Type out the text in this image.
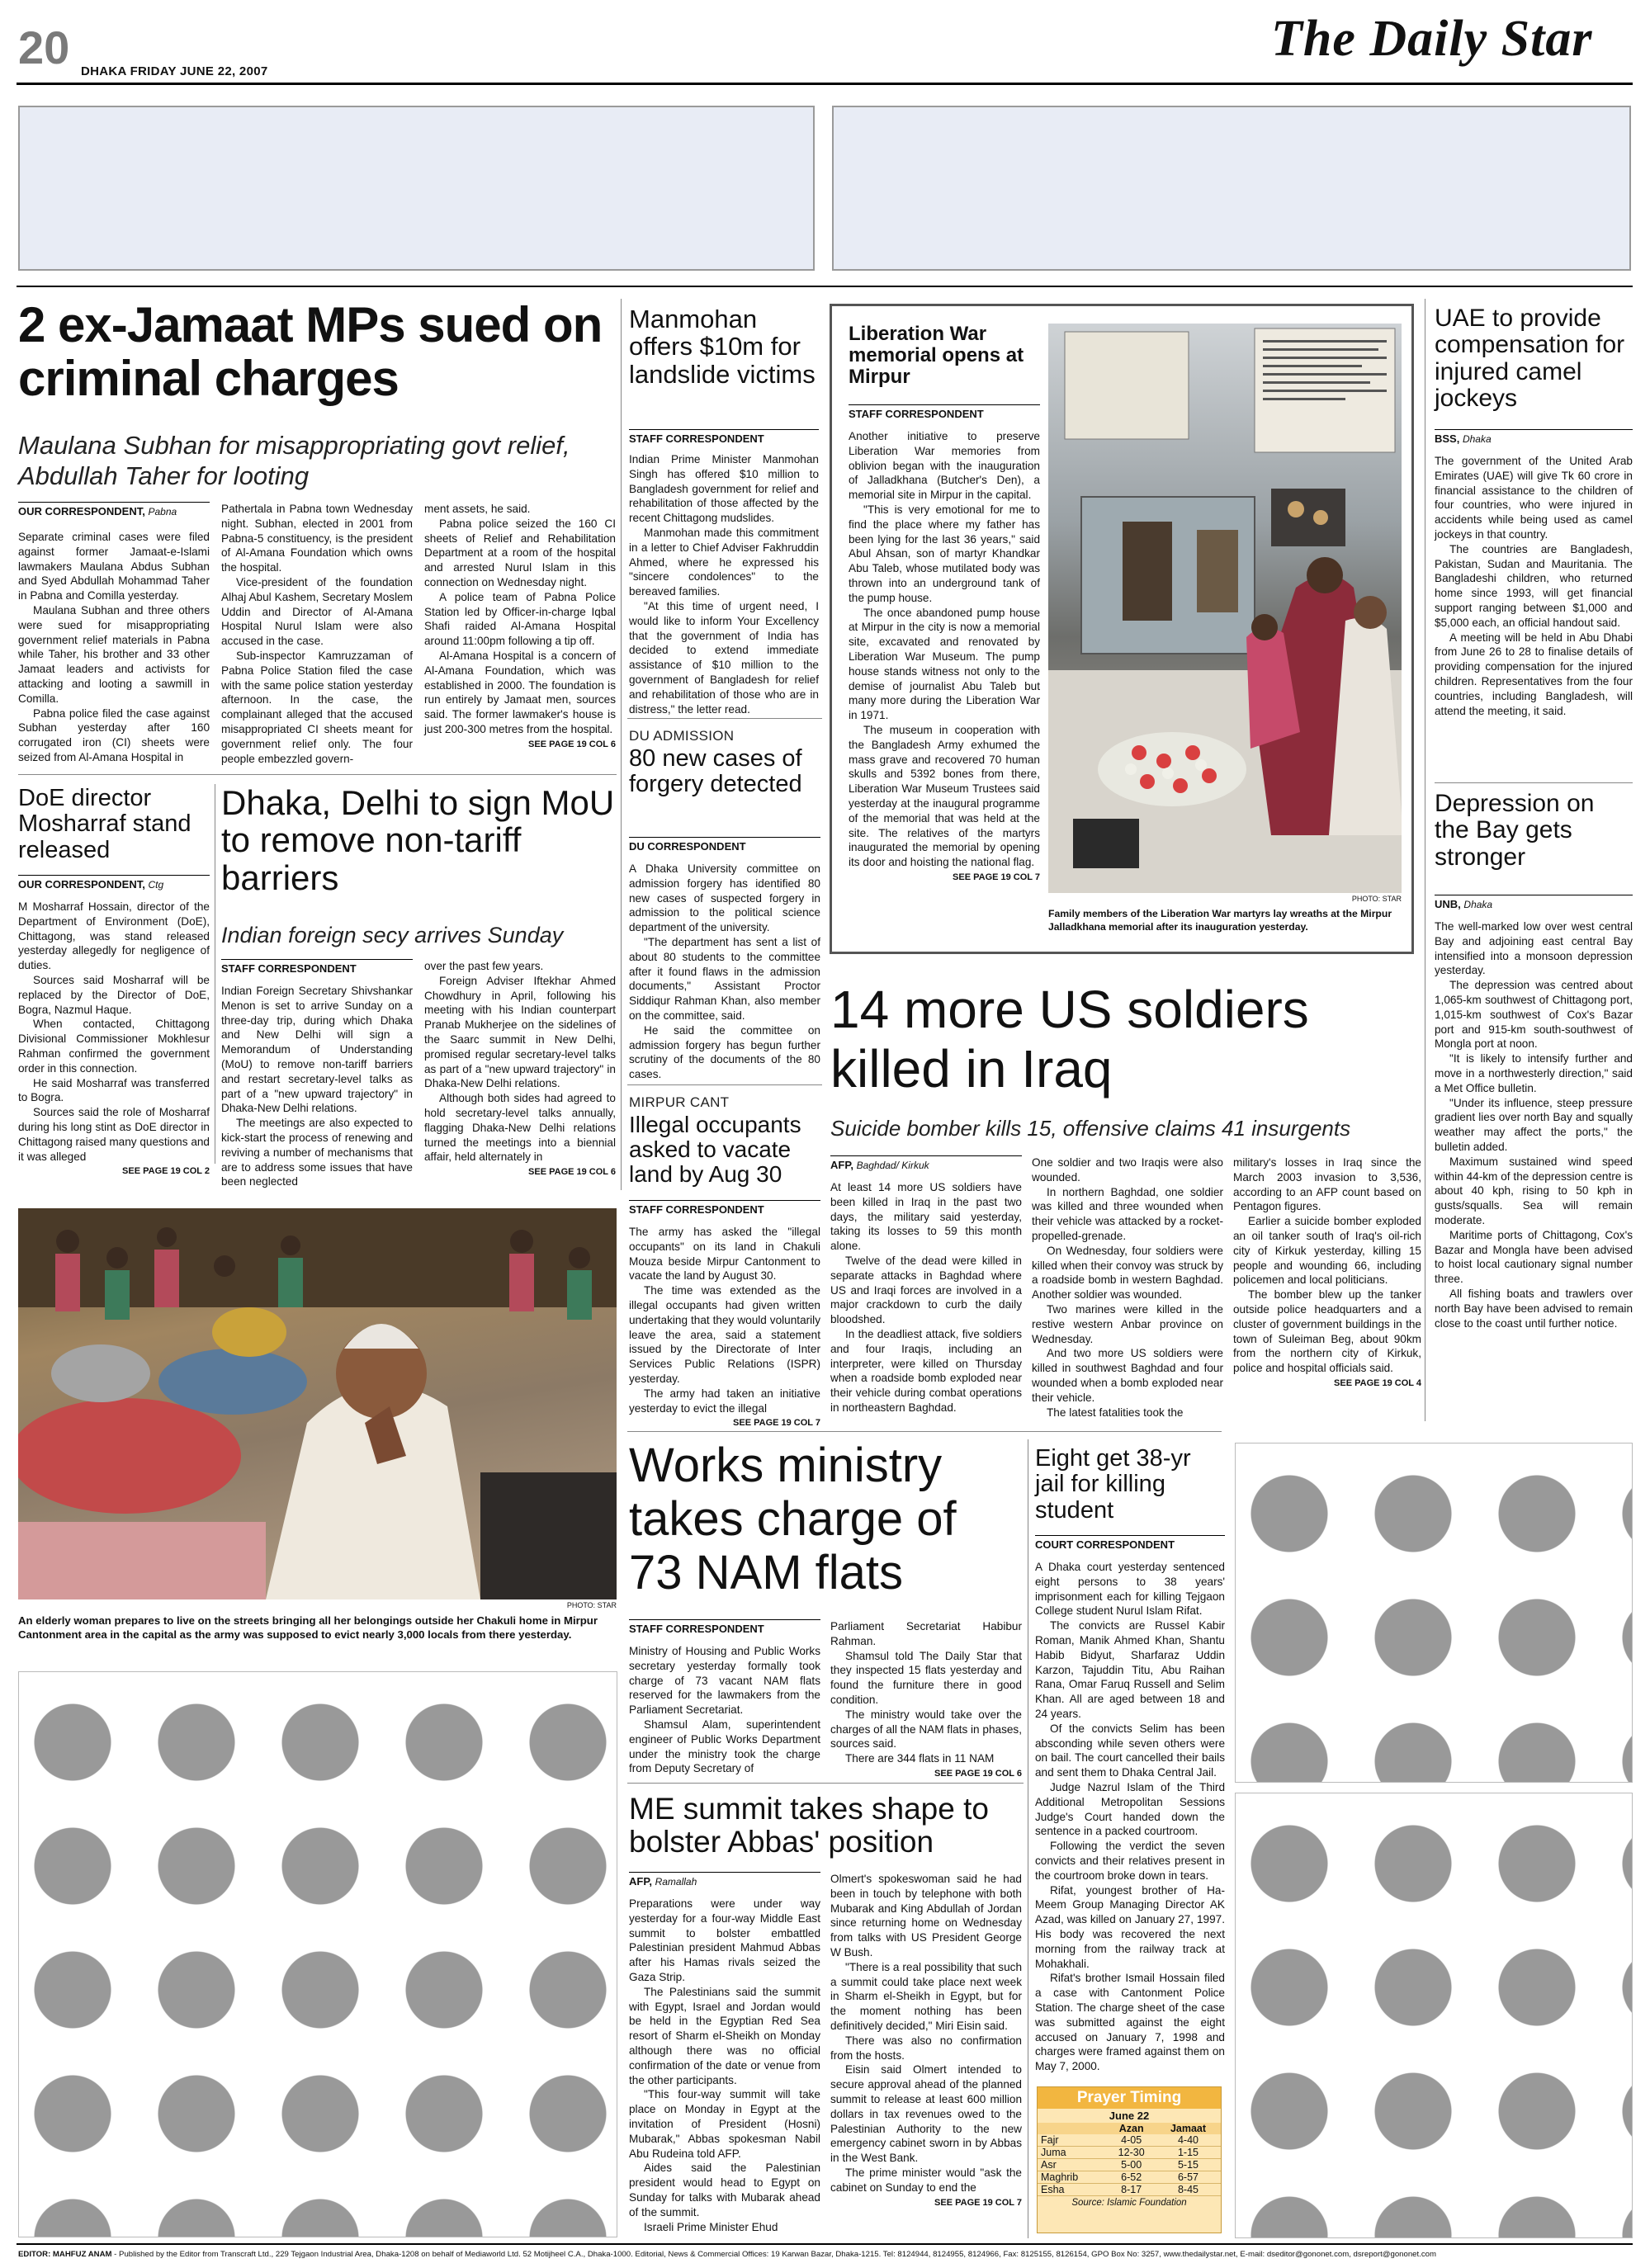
20 DHAKA FRIDAY JUNE 22, 2007
The Daily Star
2 ex-Jamaat MPs sued on criminal charges
Maulana Subhan for misappropriating govt relief, Abdullah Taher for looting
OUR CORRESPONDENT, Pabna

Separate criminal cases were filed against former Jamaat-e-Islami lawmakers Maulana Abdus Subhan and Syed Abdullah Mohammad Taher in Pabna and Comilla yesterday.

Maulana Subhan and three others were sued for misappropriating government relief materials in Pabna while Taher, his brother and 33 other Jamaat leaders and activists for attacking and looting a sawmill in Comilla.

Pabna police filed the case against Subhan yesterday after 160 corrugated iron (CI) sheets were seized from Al-Amana Hospital in

Pathertala in Pabna town Wednesday night. Subhan, elected in 2001 from Pabna-5 constituency, is the president of Al-Amana Foundation which owns the hospital.

Vice-president of the foundation Alhaj Abul Kashem, Secretary Moslem Uddin and Director of Al-Amana Hospital Nurul Islam were also accused in the case.

Sub-inspector Kamruzzaman of Pabna Police Station filed the case with the same police station yesterday afternoon. In the case, the complainant alleged that the accused misappropriated CI sheets meant for government relief only. The four people embezzled govern-

ment assets, he said.

Pabna police seized the 160 CI sheets of Relief and Rehabilitation Department at a room of the hospital and arrested Nurul Islam in this connection on Wednesday night.

A police team of Pabna Police Station led by Officer-in-charge Iqbal Shafi raided Al-Amana Hospital around 11:00pm following a tip off.

Al-Amana Hospital is a concern of Al-Amana Foundation, which was established in 2000. The foundation is run entirely by Jamaat men, sources said. The former lawmaker's house is just 200-300 metres from the hospital.

SEE PAGE 19 COL 6
Manmohan offers $10m for landslide victims
STAFF CORRESPONDENT

Indian Prime Minister Manmohan Singh has offered $10 million to Bangladesh government for relief and rehabilitation of those affected by the recent Chittagong mudslides.

Manmohan made this commitment in a letter to Chief Adviser Fakhruddin Ahmed, where he expressed his "sincere condolences" to the bereaved families.

"At this time of urgent need, I would like to inform Your Excellency that the government of India has decided to extend immediate assistance of $10 million to the government of Bangladesh for relief and rehabilitation of those who are in distress," the letter read.

Liberation War memorial opens at Mirpur
STAFF CORRESPONDENT

Another initiative to preserve Liberation War memories from oblivion began with the inauguration of Jalladkhana (Butcher's Den), a memorial site in Mirpur in the capital.

"This is very emotional for me to find the place where my father has been lying for the last 36 years," said Abul Ahsan, son of martyr Khandkar Abu Taleb, whose mutilated body was thrown into an underground tank of the pump house.

The once abandoned pump house at Mirpur in the city is now a memorial site, excavated and renovated by Liberation War Museum. The pump house stands witness not only to the demise of journalist Abu Taleb but many more during the Liberation War in 1971.

The museum in cooperation with the Bangladesh Army exhumed the mass grave and recovered 70 human skulls and 5392 bones from there, Liberation War Museum Trustees said yesterday at the inaugural programme of the memorial that was held at the site. The relatives of the martyrs inaugurated the memorial by opening its door and hoisting the national flag.

SEE PAGE 19 COL 7
PHOTO: STAR
Family members of the Liberation War martyrs lay wreaths at the Mirpur Jalladkhana memorial after its inauguration yesterday.
UAE to provide compensation for injured camel jockeys
BSS, Dhaka

The government of the United Arab Emirates (UAE) will give Tk 60 crore in financial assistance to the children of four countries, who were injured in accidents while being used as camel jockeys in that country.

The countries are Bangladesh, Pakistan, Sudan and Mauritania. The Bangladeshi children, who returned home since 1993, will get financial support ranging between $1,000 and $5,000 each, an official handout said.

A meeting will be held in Abu Dhabi from June 26 to 28 to finalise details of providing compensation for the injured children. Representatives from the four countries, including Bangladesh, will attend the meeting, it said.

DoE director Mosharraf stand released
OUR CORRESPONDENT, Ctg

M Mosharraf Hossain, director of the Department of Environment (DoE), Chittagong, was stand released yesterday allegedly for negligence of duties.

Sources said Mosharraf will be replaced by the Director of DoE, Bogra, Nazmul Haque.

When contacted, Chittagong Divisional Commissioner Mokhlesur Rahman confirmed the government order in this connection.

He said Mosharraf was transferred to Bogra.

Sources said the role of Mosharraf during his long stint as DoE director in Chittagong raised many questions and it was alleged

SEE PAGE 19 COL 2
Dhaka, Delhi to sign MoU to remove non-tariff barriers
Indian foreign secy arrives Sunday
STAFF CORRESPONDENT

Indian Foreign Secretary Shivshankar Menon is set to arrive Sunday on a three-day trip, during which Dhaka and New Delhi will sign a Memorandum of Understanding (MoU) to remove non-tariff barriers and restart secretary-level talks as part of a "new upward trajectory" in Dhaka-New Delhi relations.

The meetings are also expected to kick-start the process of renewing and reviving a number of mechanisms that are to address some issues that have been neglected

over the past few years.

Foreign Adviser Iftekhar Ahmed Chowdhury in April, following his meeting with his Indian counterpart Pranab Mukherjee on the sidelines of the Saarc summit in New Delhi, promised regular secretary-level talks as part of a "new upward trajectory" in Dhaka-New Delhi relations.

Although both sides had agreed to hold secretary-level talks annually, flagging Dhaka-New Delhi relations turned the meetings into a biennial affair, held alternately in

SEE PAGE 19 COL 6
DU ADMISSION
80 new cases of forgery detected
DU CORRESPONDENT

A Dhaka University committee on admission forgery has identified 80 new cases of suspected forgery in admission to the political science department of the university.

"The department has sent a list of about 80 students to the committee after it found flaws in the admission documents," Assistant Proctor Siddiqur Rahman Khan, also member on the committee, said.

He said the committee on admission forgery has begun further scrutiny of the documents of the 80 cases.

MIRPUR CANT
Illegal occupants asked to vacate land by Aug 30
STAFF CORRESPONDENT

The army has asked the "illegal occupants" on its land in Chakuli Mouza beside Mirpur Cantonment to vacate the land by August 30.

The time was extended as the illegal occupants had given written undertaking that they would voluntarily leave the area, said a statement issued by the Directorate of Inter Services Public Relations (ISPR) yesterday.

The army had taken an initiative yesterday to evict the illegal

SEE PAGE 19 COL 7
14 more US soldiers killed in Iraq
Suicide bomber kills 15, offensive claims 41 insurgents
AFP, Baghdad/ Kirkuk

At least 14 more US soldiers have been killed in Iraq in the past two days, the military said yesterday, taking its losses to 59 this month alone.

Twelve of the dead were killed in separate attacks in Baghdad where US and Iraqi forces are involved in a major crackdown to curb the daily bloodshed.

In the deadliest attack, five soldiers and four Iraqis, including an interpreter, were killed on Thursday when a roadside bomb exploded near their vehicle during combat operations in northeastern Baghdad.

One soldier and two Iraqis were also wounded.

In northern Baghdad, one soldier was killed and three wounded when their vehicle was attacked by a rocket-propelled-grenade.

On Wednesday, four soldiers were killed when their convoy was struck by a roadside bomb in western Baghdad. Another soldier was wounded.

Two marines were killed in the restive western Anbar province on Wednesday.

And two more US soldiers were killed in southwest Baghdad and four wounded when a bomb exploded near their vehicle.

The latest fatalities took the

military's losses in Iraq since the March 2003 invasion to 3,536, according to an AFP count based on Pentagon figures.

Earlier a suicide bomber exploded an oil tanker south of Iraq's oil-rich city of Kirkuk yesterday, killing 15 people and wounding 66, including policemen and local politicians.

The bomber blew up the tanker outside police headquarters and a cluster of government buildings in the town of Suleiman Beg, about 90km from the northern city of Kirkuk, police and hospital officials said.

SEE PAGE 19 COL 4
Depression on the Bay gets stronger
UNB, Dhaka

The well-marked low over west central Bay and adjoining east central Bay intensified into a monsoon depression yesterday.

The depression was centred about 1,065-km southwest of Chittagong port, 1,015-km southwest of Cox's Bazar port and 915-km south-southwest of Mongla port at noon.

"It is likely to intensify further and move in a northwesterly direction," said a Met Office bulletin.

"Under its influence, steep pressure gradient lies over north Bay and squally weather may affect the ports," the bulletin added.

Maximum sustained wind speed within 44-km of the depression centre is about 40 kph, rising to 50 kph in gusts/squalls. Sea will remain moderate.

Maritime ports of Chittagong, Cox's Bazar and Mongla have been advised to hoist local cautionary signal number three.

All fishing boats and trawlers over north Bay have been advised to remain close to the coast until further notice.

PHOTO: STAR
An elderly woman prepares to live on the streets bringing all her belongings outside her Chakuli home in Mirpur Cantonment area in the capital as the army was supposed to evict nearly 3,000 locals from there yesterday.
Works ministry takes charge of 73 NAM flats
STAFF CORRESPONDENT

Ministry of Housing and Public Works secretary yesterday formally took charge of 73 vacant NAM flats reserved for the lawmakers from the Parliament Secretariat.

Shamsul Alam, superintendent engineer of Public Works Department under the ministry took the charge from Deputy Secretary of

Parliament Secretariat Habibur Rahman.

Shamsul told The Daily Star that they inspected 15 flats yesterday and found the furniture there in good condition.

The ministry would take over the charges of all the NAM flats in phases, sources said.

There are 344 flats in 11 NAM

SEE PAGE 19 COL 6
Eight get 38-yr jail for killing student
COURT CORRESPONDENT

A Dhaka court yesterday sentenced eight persons to 38 years' imprisonment each for killing Tejgaon College student Nurul Islam Rifat.

The convicts are Russel Kabir Roman, Manik Ahmed Khan, Shantu Habib Bidyut, Sharfaraz Uddin Karzon, Tajuddin Titu, Abu Raihan Rana, Omar Faruq Russell and Selim Khan. All are aged between 18 and 24 years.

Of the convicts Selim has been absconding while seven others were on bail. The court cancelled their bails and sent them to Dhaka Central Jail.

Judge Nazrul Islam of the Third Additional Metropolitan Sessions Judge's Court handed down the sentence in a packed courtroom.

Following the verdict the seven convicts and their relatives present in the courtroom broke down in tears.

Rifat, youngest brother of Ha-Meem Group Managing Director AK Azad, was killed on January 27, 1997. His body was recovered the next morning from the railway track at Mohakhali.

Rifat's brother Ismail Hossain filed a case with Cantonment Police Station. The charge sheet of the case was submitted against the eight accused on January 7, 1998 and charges were framed against them on May 7, 2000.

ME summit takes shape to bolster Abbas' position
AFP, Ramallah

Preparations were under way yesterday for a four-way Middle East summit to bolster embattled Palestinian president Mahmud Abbas after his Hamas rivals seized the Gaza Strip.

The Palestinians said the summit with Egypt, Israel and Jordan would be held in the Egyptian Red Sea resort of Sharm el-Sheikh on Monday although there was no official confirmation of the date or venue from the other participants.

"This four-way summit will take place on Monday in Egypt at the invitation of President (Hosni) Mubarak," Abbas spokesman Nabil Abu Rudeina told AFP.

Aides said the Palestinian president would head to Egypt on Sunday for talks with Mubarak ahead of the summit.

Israeli Prime Minister Ehud

Olmert's spokeswoman said he had been in touch by telephone with both Mubarak and King Abdullah of Jordan since returning home on Wednesday from talks with US President George W Bush.

"There is a real possibility that such a summit could take place next week in Sharm el-Sheikh in Egypt, but for the moment nothing has been definitively decided," Miri Eisin said.

There was also no confirmation from the hosts.

Eisin said Olmert intended to secure approval ahead of the planned summit to release at least 600 million dollars in tax revenues owed to the Palestinian Authority to the new emergency cabinet sworn in by Abbas in the West Bank.

The prime minister would "ask the cabinet on Sunday to end the

SEE PAGE 19 COL 7
Prayer Timing
June 22
	Azan	Jamaat
Fajr	4-05	4-40
Juma	12-30	1-15
Asr	5-00	5-15
Maghrib	6-52	6-57
Esha	8-17	8-45
Source: Islamic Foundation
EDITOR: MAHFUZ ANAM - Published by the Editor from Transcraft Ltd., 229 Tejgaon Industrial Area, Dhaka-1208 on behalf of Mediaworld Ltd. 52 Motijheel C.A., Dhaka-1000. Editorial, News & Commercial Offices: 19 Karwan Bazar, Dhaka-1215. Tel: 8124944, 8124955, 8124966, Fax: 8125155, 8126154, GPO Box No: 3257, www.thedailystar.net, E-mail: dseditor@gononet.com, dsreport@gononet.com
